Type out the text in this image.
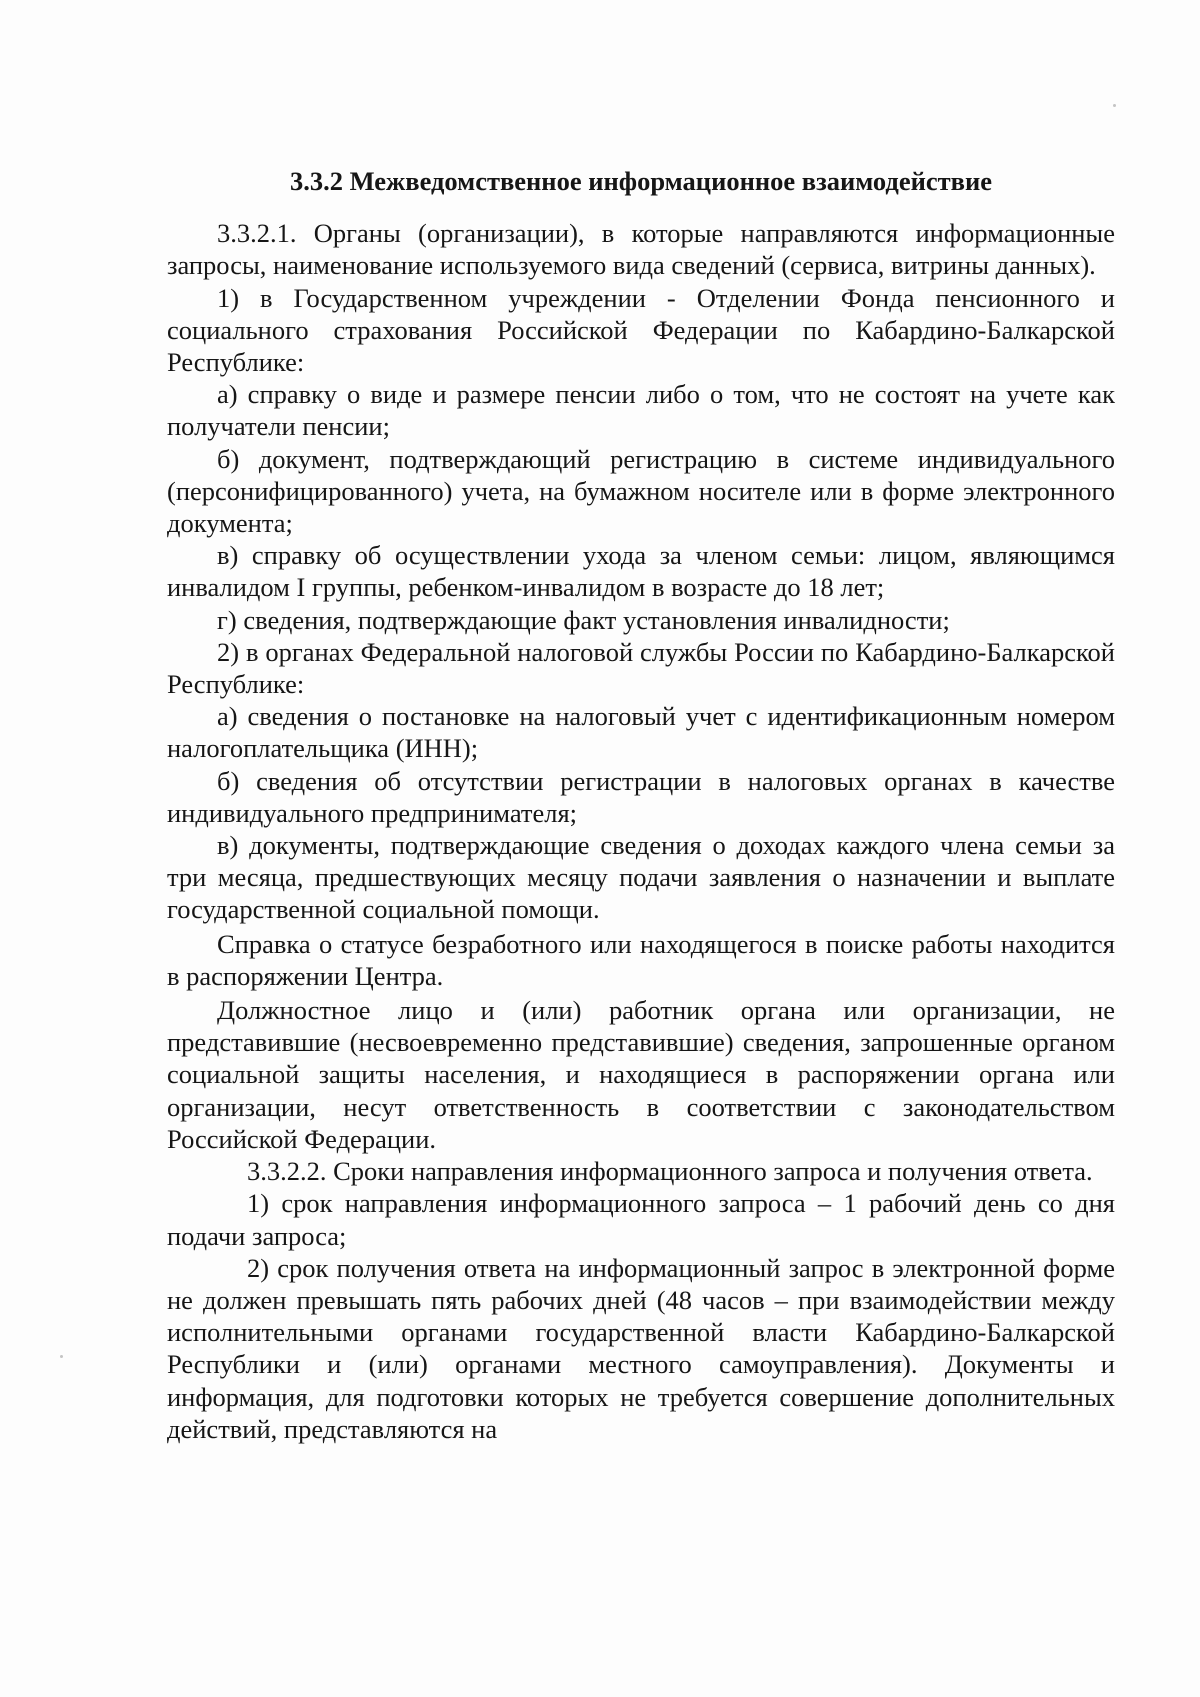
3.3.2 Межведомственное информационное взаимодействие

3.3.2.1. Органы (организации), в которые направляются информационные запросы, наименование используемого вида сведений (сервиса, витрины данных).

1) в Государственном учреждении - Отделении Фонда пенсионного и социального страхования Российской Федерации по Кабардино-Балкарской Республике:

а) справку о виде и размере пенсии либо о том, что не состоят на учете как получатели пенсии;

б) документ, подтверждающий регистрацию в системе индивидуального (персонифицированного) учета, на бумажном носителе или в форме электронного документа;

в) справку об осуществлении ухода за членом семьи: лицом, являющимся инвалидом I группы, ребенком-инвалидом в возрасте до 18 лет;

г) сведения, подтверждающие факт установления инвалидности;

2) в органах Федеральной налоговой службы России по Кабардино-Балкарской Республике:

а) сведения о постановке на налоговый учет с идентификационным номером налогоплательщика (ИНН);

б) сведения об отсутствии регистрации в налоговых органах в качестве индивидуального предпринимателя;

в) документы, подтверждающие сведения о доходах каждого члена семьи за три месяца, предшествующих месяцу подачи заявления о назначении и выплате государственной социальной помощи.

Справка о статусе безработного или находящегося в поиске работы находится в распоряжении Центра.

Должностное лицо и (или) работник органа или организации, не представившие (несвоевременно представившие) сведения, запрошенные органом социальной защиты населения, и находящиеся в распоряжении органа или организации, несут ответственность в соответствии с законодательством Российской Федерации.

3.3.2.2. Сроки направления информационного запроса и получения ответа.

1) срок направления информационного запроса – 1 рабочий день со дня подачи запроса;

2) срок получения ответа на информационный запрос в электронной форме не должен превышать пять рабочих дней (48 часов – при взаимодействии между исполнительными органами государственной власти Кабардино-Балкарской Республики и (или) органами местного самоуправления). Документы и информация, для подготовки которых не требуется совершение дополнительных действий, представляются на
